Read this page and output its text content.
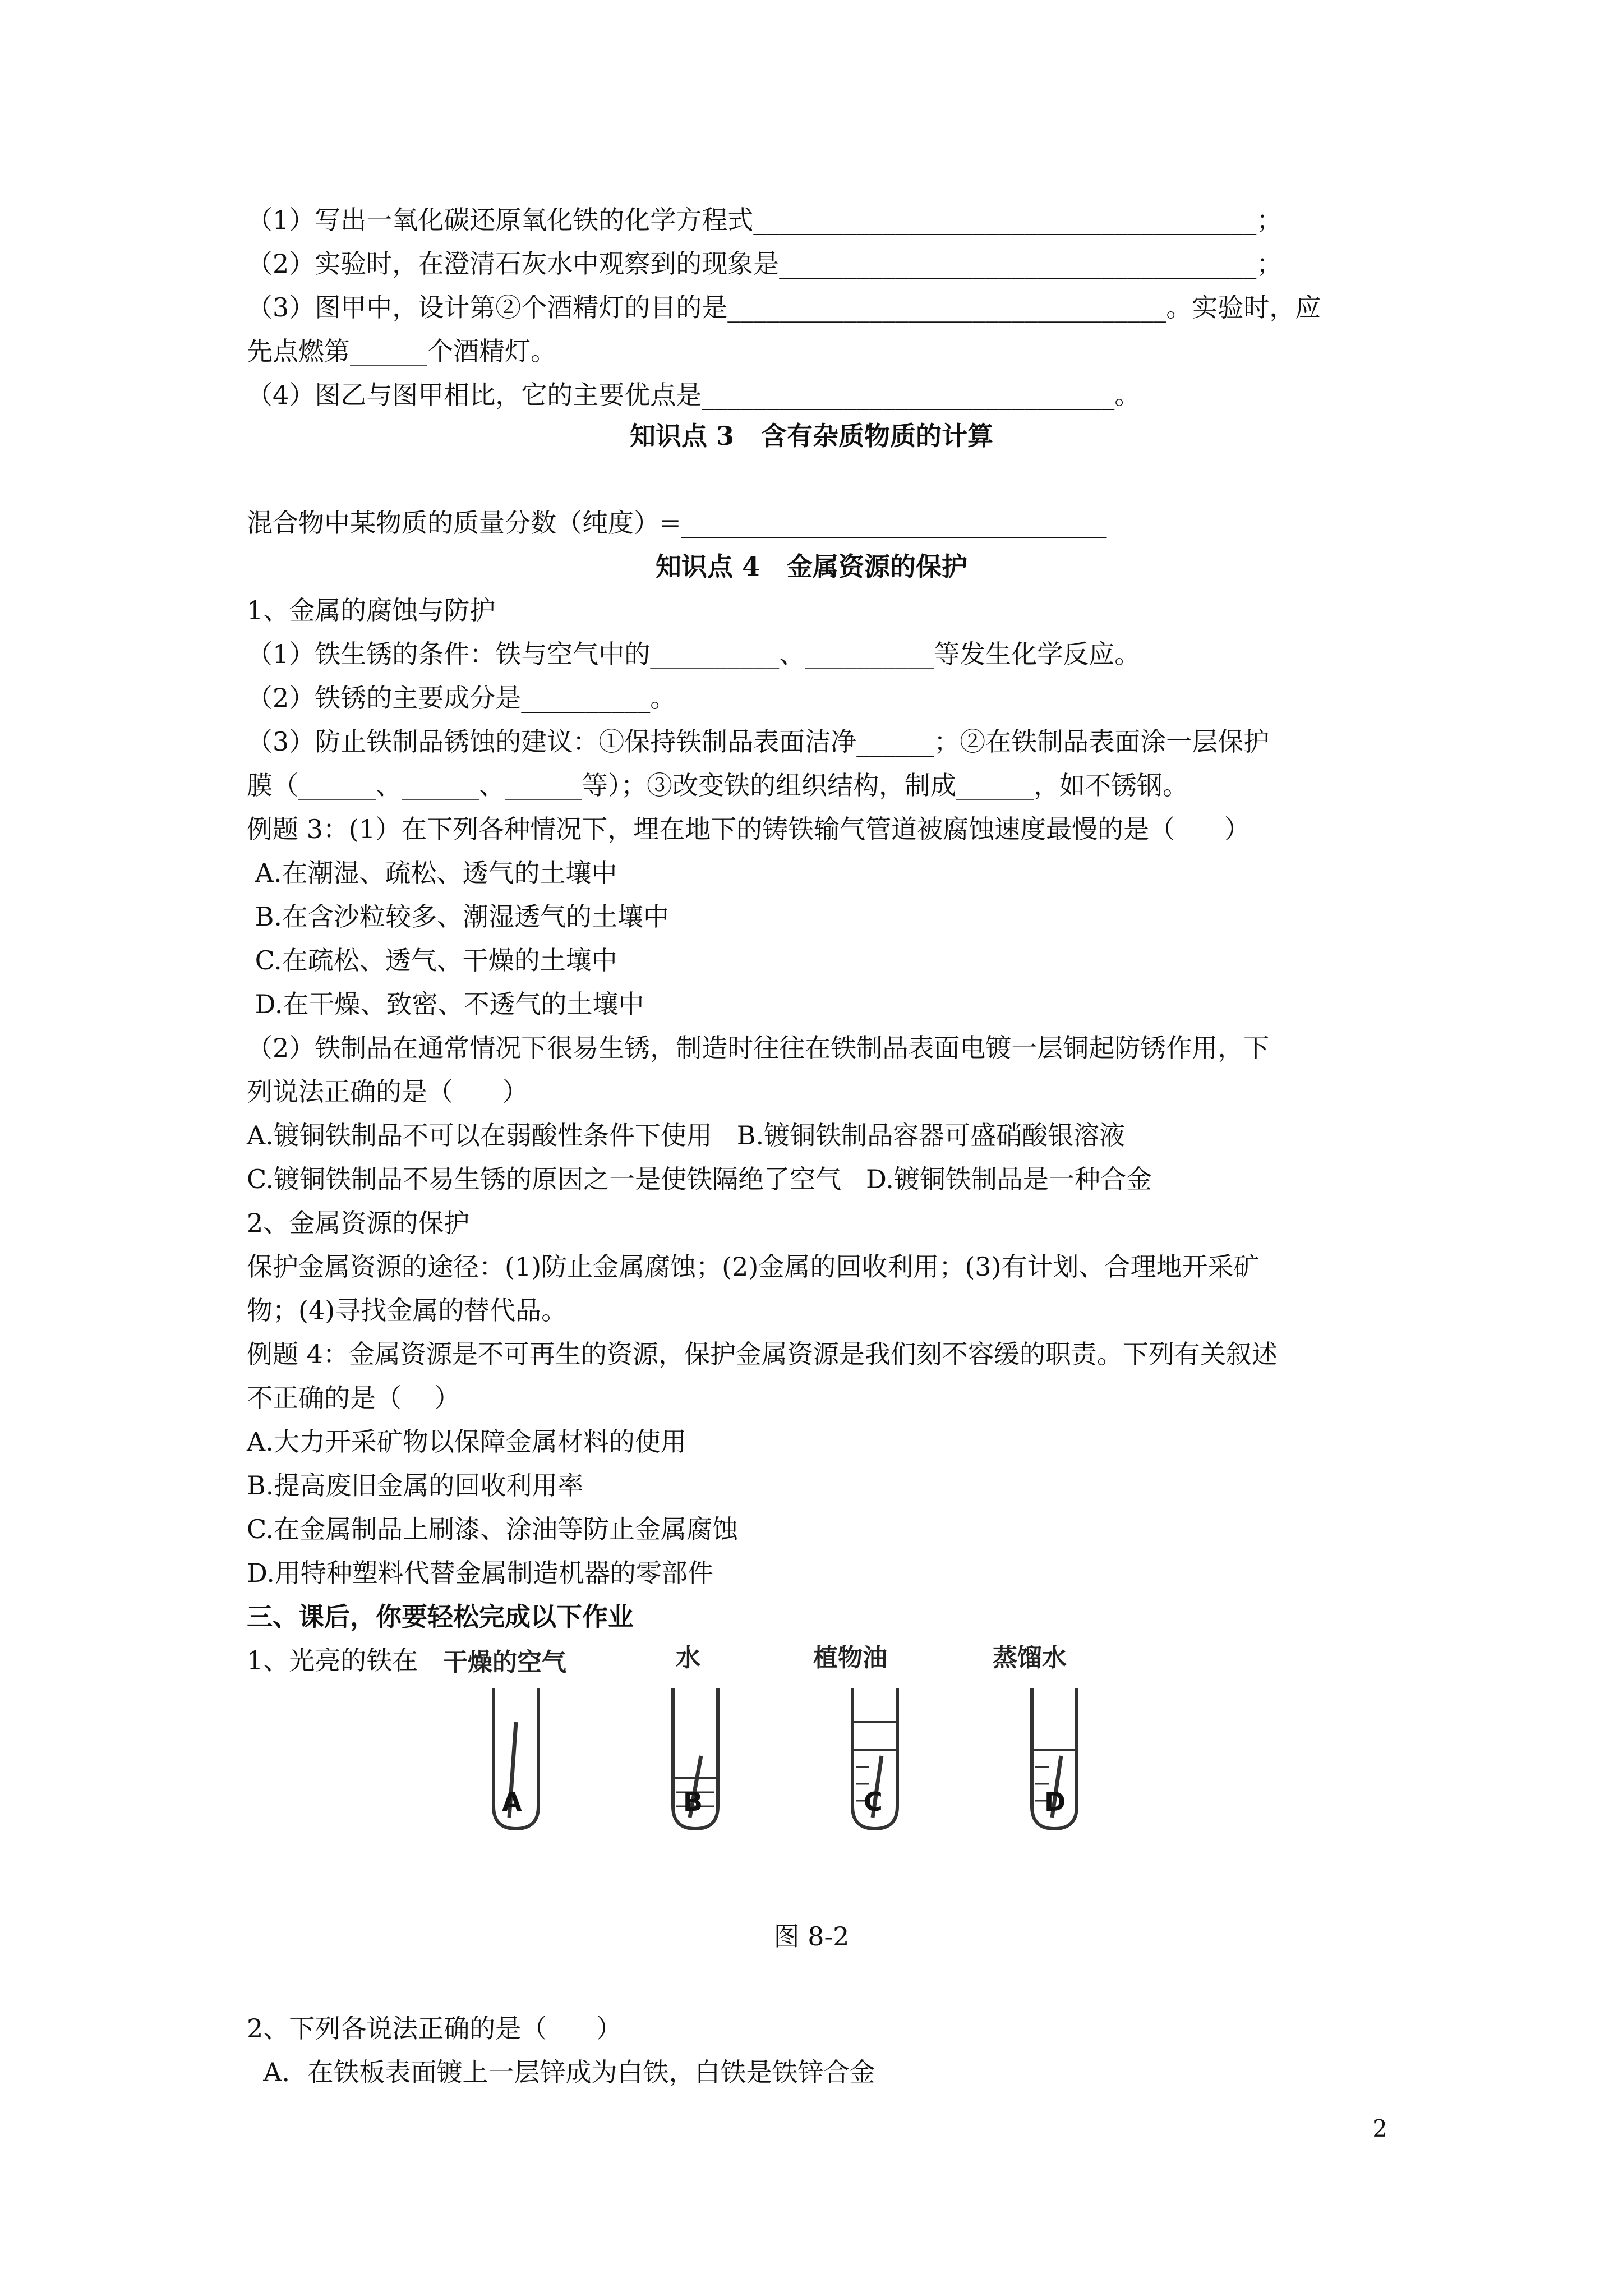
（1）写出一氧化碳还原氧化铁的化学方程式_______________________________________；
（2）实验时，在澄清石灰水中观察到的现象是_____________________________________；
（3）图甲中，设计第②个酒精灯的目的是__________________________________。实验时，应
先点燃第______个酒精灯。
（4）图乙与图甲相比，它的主要优点是________________________________。
知识点 3   含有杂质物质的计算
混合物中某物质的质量分数（纯度）=_________________________________
知识点 4   金属资源的保护
1、金属的腐蚀与防护
（1）铁生锈的条件：铁与空气中的__________、__________等发生化学反应。
（2）铁锈的主要成分是__________。
（3）防止铁制品锈蚀的建议：①保持铁制品表面洁净______；②在铁制品表面涂一层保护
膜（______、______、______等）；③改变铁的组织结构，制成______，如不锈钢。
例题 3：(1）在下列各种情况下，埋在地下的铸铁输气管道被腐蚀速度最慢的是（      ）
A.在潮湿、疏松、透气的土壤中
B.在含沙粒较多、潮湿透气的土壤中
C.在疏松、透气、干燥的土壤中
D.在干燥、致密、不透气的土壤中
（2）铁制品在通常情况下很易生锈，制造时往往在铁制品表面电镀一层铜起防锈作用，下
列说法正确的是（      ）
A.镀铜铁制品不可以在弱酸性条件下使用   B.镀铜铁制品容器可盛硝酸银溶液
C.镀铜铁制品不易生锈的原因之一是使铁隔绝了空气   D.镀铜铁制品是一种合金
2、金属资源的保护
保护金属资源的途径：(1)防止金属腐蚀；(2)金属的回收利用；(3)有计划、合理地开采矿
物；(4)寻找金属的替代品。
例题 4：金属资源是不可再生的资源，保护金属资源是我们刻不容缓的职责。下列有关叙述
不正确的是（    ）
A.大力开采矿物以保障金属材料的使用
B.提高废旧金属的回收利用率
C.在金属制品上刷漆、涂油等防止金属腐蚀
D.用特种塑料代替金属制造机器的零部件
三、课后，你要轻松完成以下作业
1、光亮的铁在 干燥的空气	水	植物油	蒸馏水
A	B	C	D
图 8-2
2、下列各说法正确的是（      ）
A．在铁板表面镀上一层锌成为白铁，白铁是铁锌合金
2
